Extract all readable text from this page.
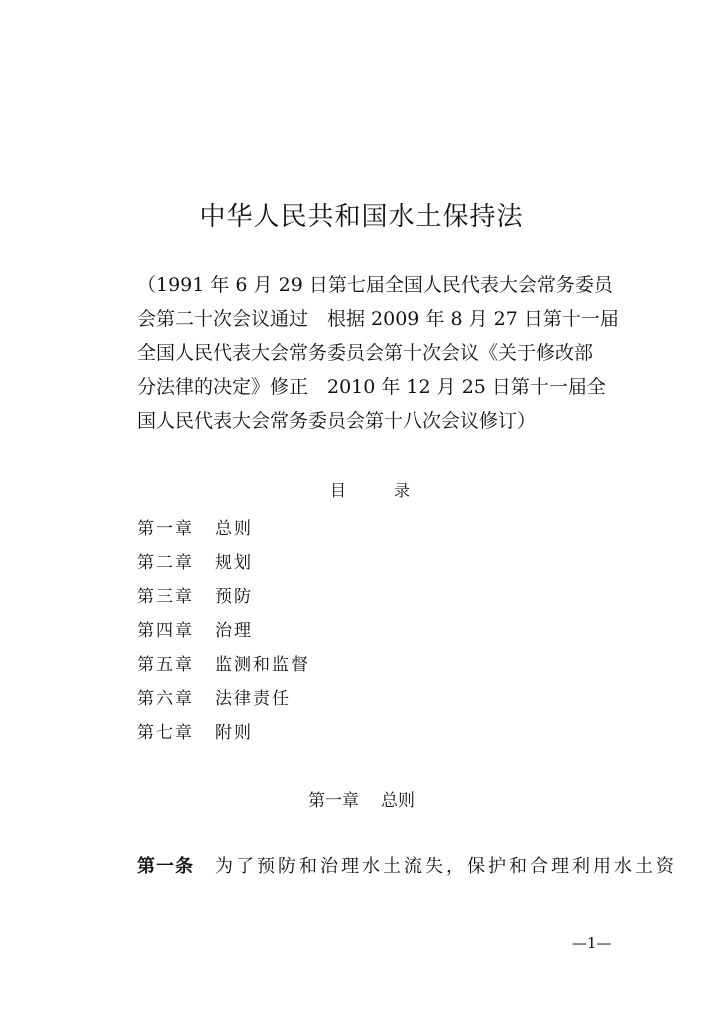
中华人民共和国水土保持法
（1991 年 6 月 29 日第七届全国人民代表大会常务委员
会第二十次会议通过　根据 2009 年 8 月 27 日第十一届
全国人民代表大会常务委员会第十次会议《关于修改部
分法律的决定》修正　2010 年 12 月 25 日第十一届全
国人民代表大会常务委员会第十八次会议修订）
目	录
第一章 总则
第二章 规划
第三章 预防
第四章 治理
第五章 监测和监督
第六章 法律责任
第七章 附则
第一章 总则
第一条 为了预防和治理水土流失，保护和合理利用水土资
—1—
